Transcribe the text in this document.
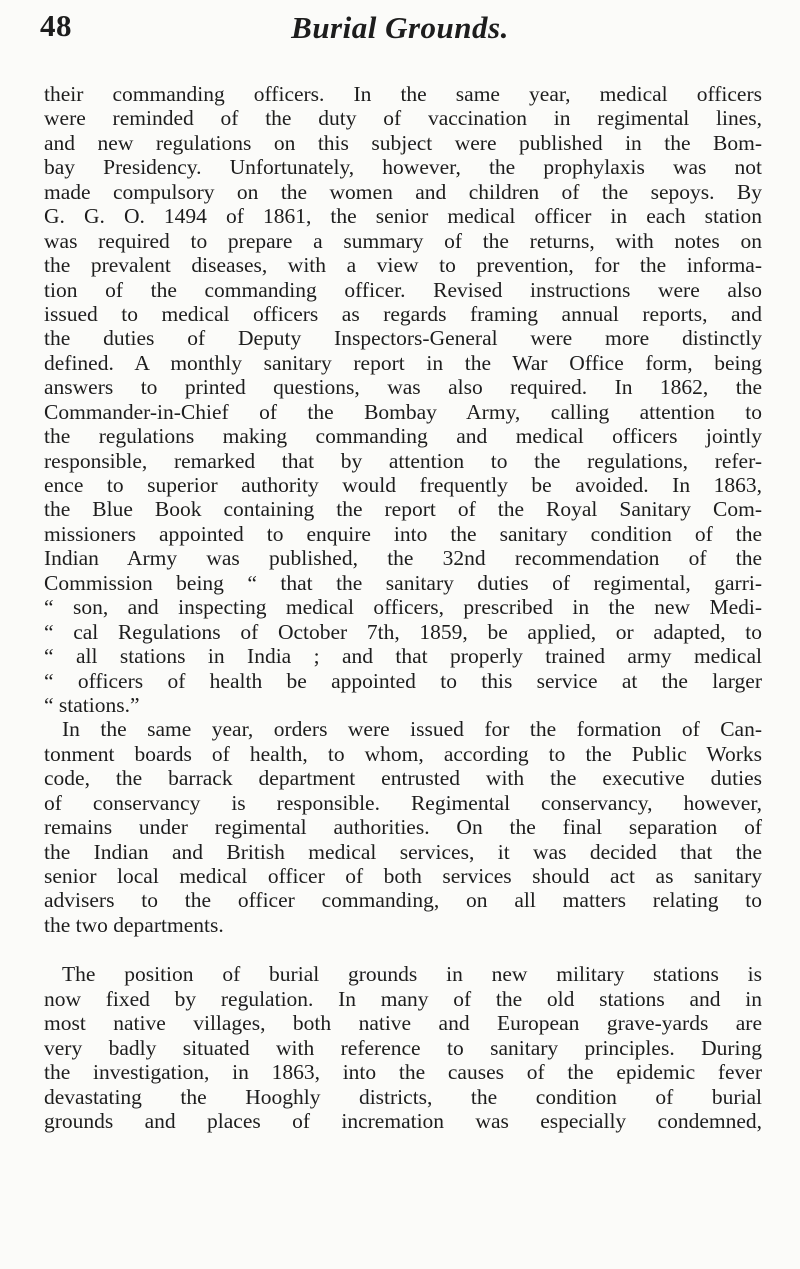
48	Burial Grounds.
their commanding officers. In the same year, medical officers
were reminded of the duty of vaccination in regimental lines,
and new regulations on this subject were published in the Bom-
bay Presidency. Unfortunately, however, the prophylaxis was not
made compulsory on the women and children of the sepoys. By
G. G. O. 1494 of 1861, the senior medical officer in each station
was required to prepare a summary of the returns, with notes on
the prevalent diseases, with a view to prevention, for the informa-
tion of the commanding officer. Revised instructions were also
issued to medical officers as regards framing annual reports, and
the duties of Deputy Inspectors-General were more distinctly
defined. A monthly sanitary report in the War Office form, being
answers to printed questions, was also required. In 1862, the
Commander-in-Chief of the Bombay Army, calling attention to
the regulations making commanding and medical officers jointly
responsible, remarked that by attention to the regulations, refer-
ence to superior authority would frequently be avoided. In 1863,
the Blue Book containing the report of the Royal Sanitary Com-
missioners appointed to enquire into the sanitary condition of the
Indian Army was published, the 32nd recommendation of the
Commission being “ that the sanitary duties of regimental, garri-
“ son, and inspecting medical officers, prescribed in the new Medi-
“ cal Regulations of October 7th, 1859, be applied, or adapted, to
“ all stations in India ; and that properly trained army medical
“ officers of health be appointed to this service at the larger
“ stations.”
In the same year, orders were issued for the formation of Can-
tonment boards of health, to whom, according to the Public Works
code, the barrack department entrusted with the executive duties
of conservancy is responsible. Regimental conservancy, however,
remains under regimental authorities. On the final separation of
the Indian and British medical services, it was decided that the
senior local medical officer of both services should act as sanitary
advisers to the officer commanding, on all matters relating to
the two departments.
The position of burial grounds in new military stations is
now fixed by regulation. In many of the old stations and in
most native villages, both native and European grave-yards are
very badly situated with reference to sanitary principles. During
the investigation, in 1863, into the causes of the epidemic fever
devastating the Hooghly districts, the condition of burial
grounds and places of incremation was especially condemned,
